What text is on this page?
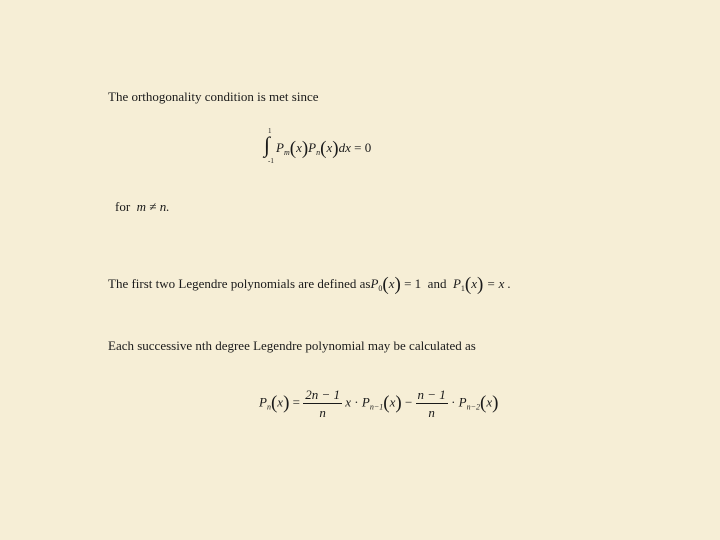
The orthogonality condition is met since
1
∫
-1
$P_m(x)P_n(x)dx = 0$
for m ≠ n.
The first two Legendre polynomials are defined asP$_0$(x) = 1 and $P_1(x) = x$ .
Each successive nth degree Legendre polynomial may be calculated as
$P_n(x) = \frac{2n - 1}{n}$ $x \cdot P_{n-1}(x) - \frac{n - 1}{n} \cdot P_{n-2}(x)$
